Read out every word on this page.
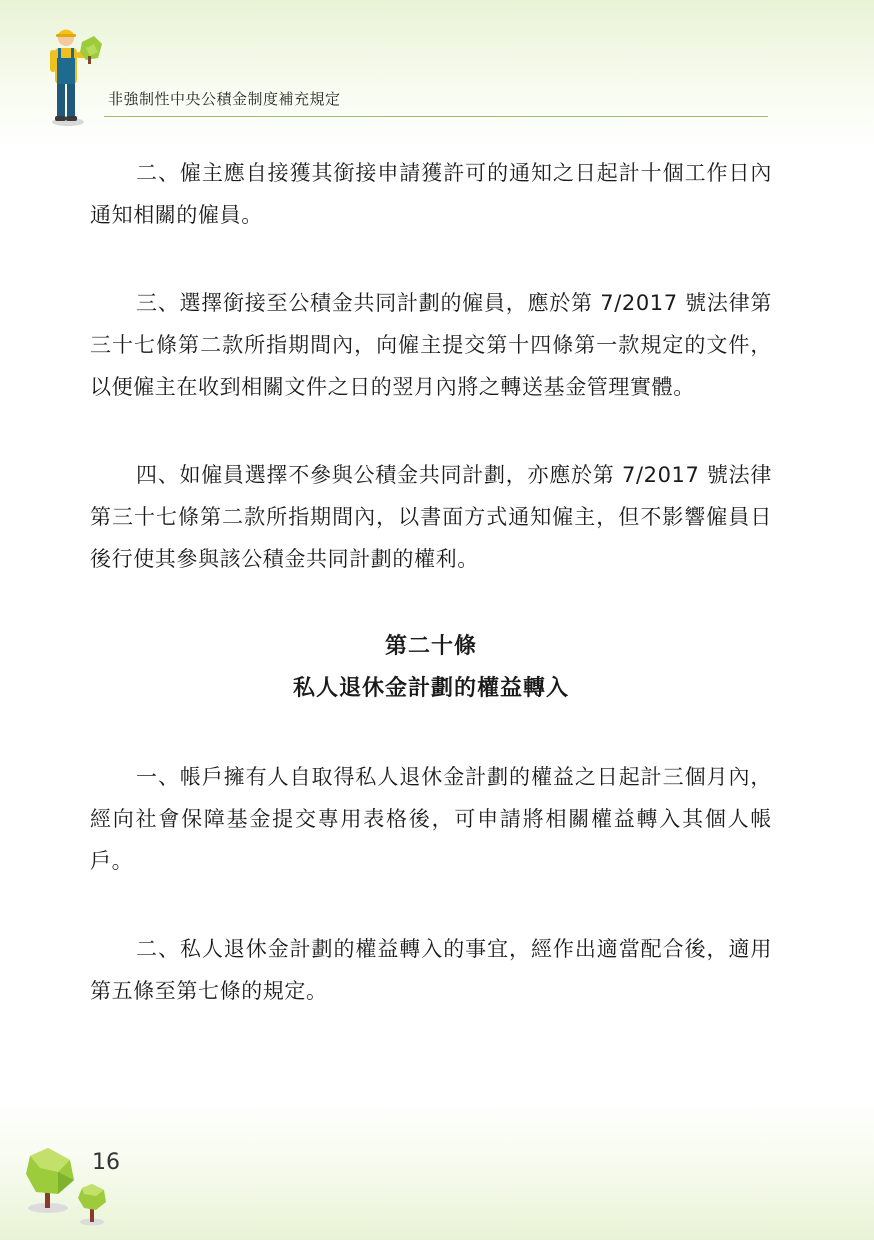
非強制性中央公積金制度補充規定

二、僱主應自接獲其銜接申請獲許可的通知之日起計十個工作日內通知相關的僱員。

三、選擇銜接至公積金共同計劃的僱員，應於第 7/2017 號法律第三十七條第二款所指期間內，向僱主提交第十四條第一款規定的文件，以便僱主在收到相關文件之日的翌月內將之轉送基金管理實體。

四、如僱員選擇不參與公積金共同計劃，亦應於第 7/2017 號法律第三十七條第二款所指期間內，以書面方式通知僱主，但不影響僱員日後行使其參與該公積金共同計劃的權利。

第二十條
私人退休金計劃的權益轉入

一、帳戶擁有人自取得私人退休金計劃的權益之日起計三個月內，經向社會保障基金提交專用表格後，可申請將相關權益轉入其個人帳戶。

二、私人退休金計劃的權益轉入的事宜，經作出適當配合後，適用第五條至第七條的規定。

16
